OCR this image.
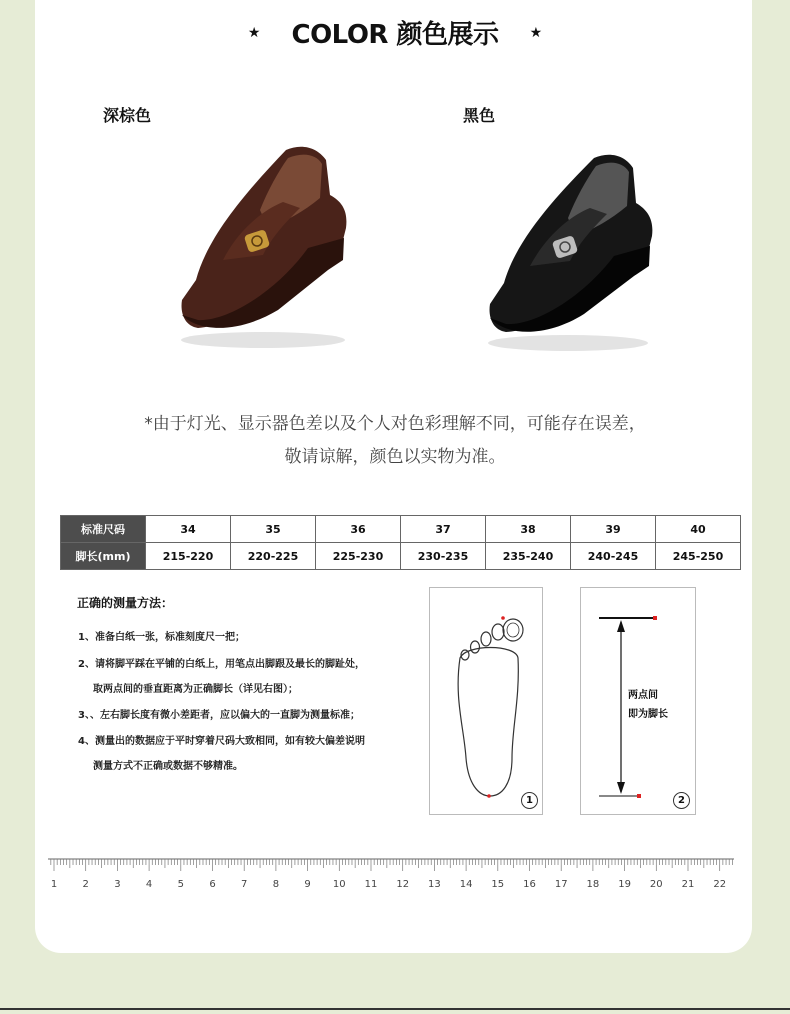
★ COLOR 颜色展示 ★
深棕色	黑色
*由于灯光、显示器色差以及个人对色彩理解不同，可能存在误差，
敬请谅解，颜色以实物为准。
标准尺码	34	35	36	37	38	39	40
脚长(mm)	215-220	220-225	225-230	230-235	235-240	240-245	245-250
正确的测量方法：
1、准备白纸一张，标准刻度尺一把；
2、请将脚平踩在平铺的白纸上，用笔点出脚跟及最长的脚趾处，
取两点间的垂直距离为正确脚长（详见右图）；
3、、左右脚长度有微小差距者，应以偏大的一直脚为测量标准；
4、测量出的数据应于平时穿着尺码大致相同，如有较大偏差说明
测量方式不正确或数据不够精准。
1	2
两点间
即为脚长
1	2	3	4	5	6	7	8	9 10 11 12 13 14 15 16 17 18 19 20 21 22
